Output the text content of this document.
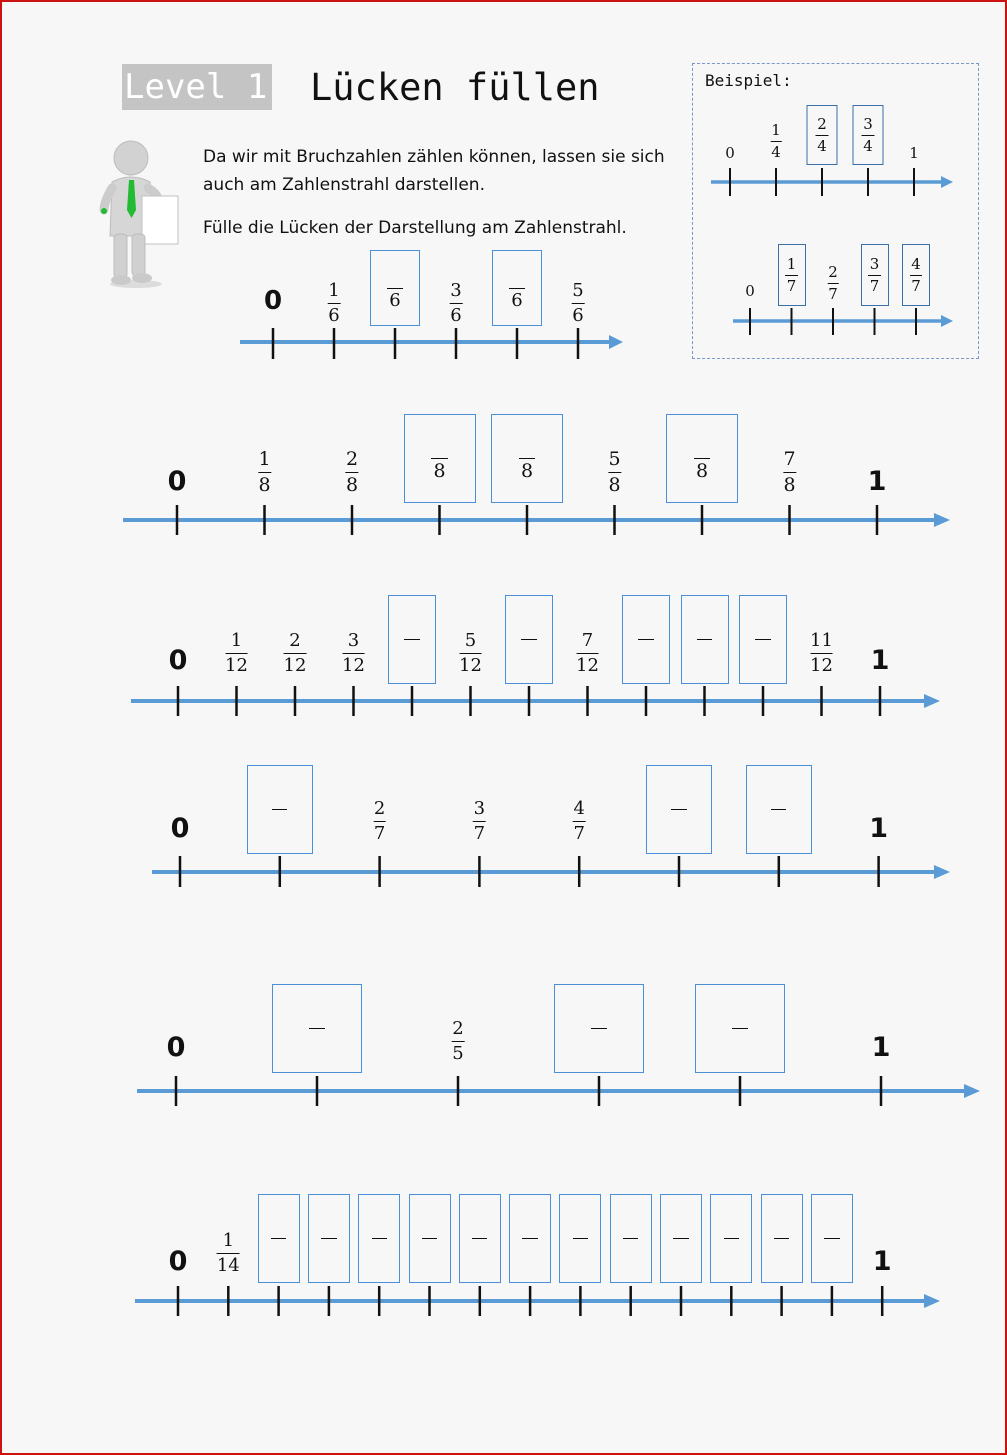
Level 1 Lücken füllen
Da wir mit Bruchzahlen zählen können, lassen sie sich auch am Zahlenstrahl darstellen.
Fülle die Lücken der Darstellung am Zahlenstrahl.
Beispiel:
0	1
1
4
2
4
3
4
0
1
7
2
7
3
7
4
7
0	1
6
6	3
6
6	5
6
0	1
1
8
2
8
8	8
5
8
8
7
8
0	1
1
12
2
12
3
12
5
12
7
12
11
12
0	1
2
7
3
7
4
7
0	1
2
5
0	1
1
14
